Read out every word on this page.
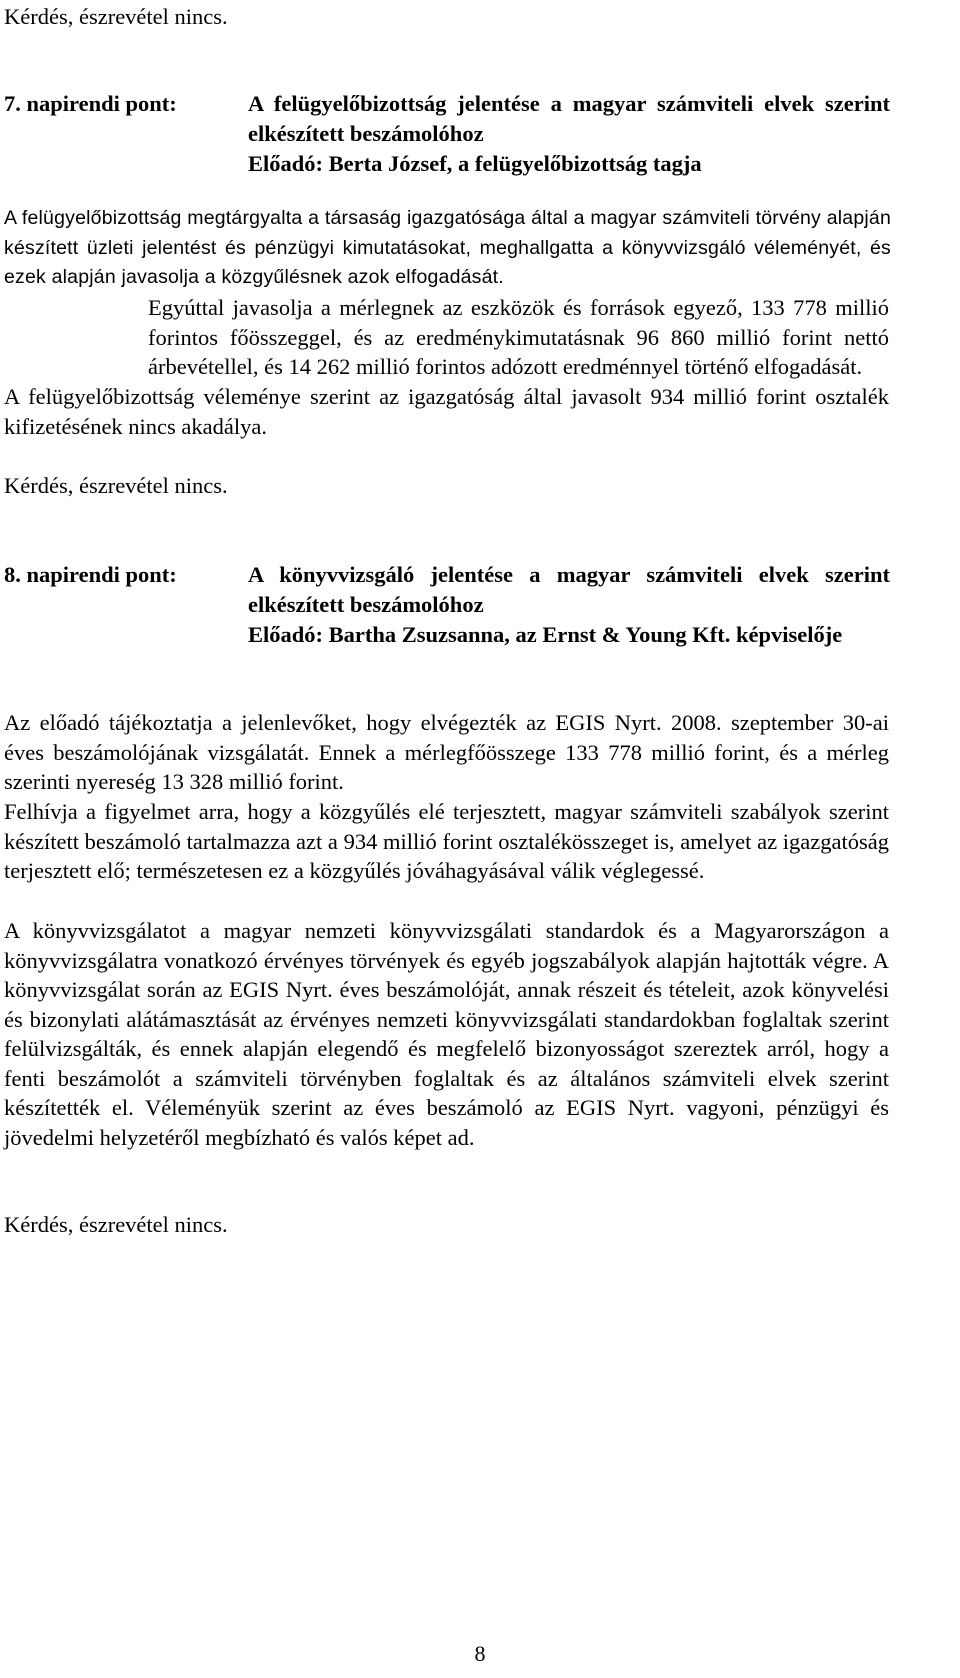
Kérdés, észrevétel nincs.
7. napirendi pont:	A felügyelőbizottság jelentése a magyar számviteli elvek szerint elkészített beszámolóhoz
Előadó: Berta József, a felügyelőbizottság tagja
A felügyelőbizottság megtárgyalta a társaság igazgatósága által a magyar számviteli törvény alapján készített üzleti jelentést és pénzügyi kimutatásokat, meghallgatta a könyvvizsgáló véleményét, és ezek alapján javasolja a közgyűlésnek azok elfogadását.
Egyúttal javasolja a mérlegnek az eszközök és források egyező, 133 778 millió forintos főösszeggel, és az eredménykimutatásnak 96 860 millió forint nettó árbevétellel, és 14 262 millió forintos adózott eredménnyel történő elfogadását.
A felügyelőbizottság véleménye szerint az igazgatóság által javasolt 934 millió forint osztalék kifizetésének nincs akadálya.
Kérdés, észrevétel nincs.
8. napirendi pont:	A könyvvizsgáló jelentése a magyar számviteli elvek szerint elkészített beszámolóhoz
Előadó: Bartha Zsuzsanna, az Ernst & Young Kft. képviselője
Az előadó tájékoztatja a jelenlevőket, hogy elvégezték az EGIS Nyrt. 2008. szeptember 30-ai éves beszámolójának vizsgálatát. Ennek a mérlegfőösszege 133 778 millió forint, és a mérleg szerinti nyereség 13 328 millió forint.
Felhívja a figyelmet arra, hogy a közgyűlés elé terjesztett, magyar számviteli szabályok szerint készített beszámoló tartalmazza azt a 934 millió forint osztalékösszeget is, amelyet az igazgatóság terjesztett elő; természetesen ez a közgyűlés jóváhagyásával válik véglegessé.
A könyvvizsgálatot a magyar nemzeti könyvvizsgálati standardok és a Magyarországon a könyvvizsgálatra vonatkozó érvényes törvények és egyéb jogszabályok alapján hajtották végre. A könyvvizsgálat során az EGIS Nyrt. éves beszámolóját, annak részeit és tételeit, azok könyvelési és bizonylati alátámasztását az érvényes nemzeti könyvvizsgálati standardokban foglaltak szerint felülvizsgálták, és ennek alapján elegendő és megfelelő bizonyosságot szereztek arról, hogy a fenti beszámolót a számviteli törvényben foglaltak és az általános számviteli elvek szerint készítették el. Véleményük szerint az éves beszámoló az EGIS Nyrt. vagyoni, pénzügyi és jövedelmi helyzetéről megbízható és valós képet ad.
Kérdés, észrevétel nincs.
8
